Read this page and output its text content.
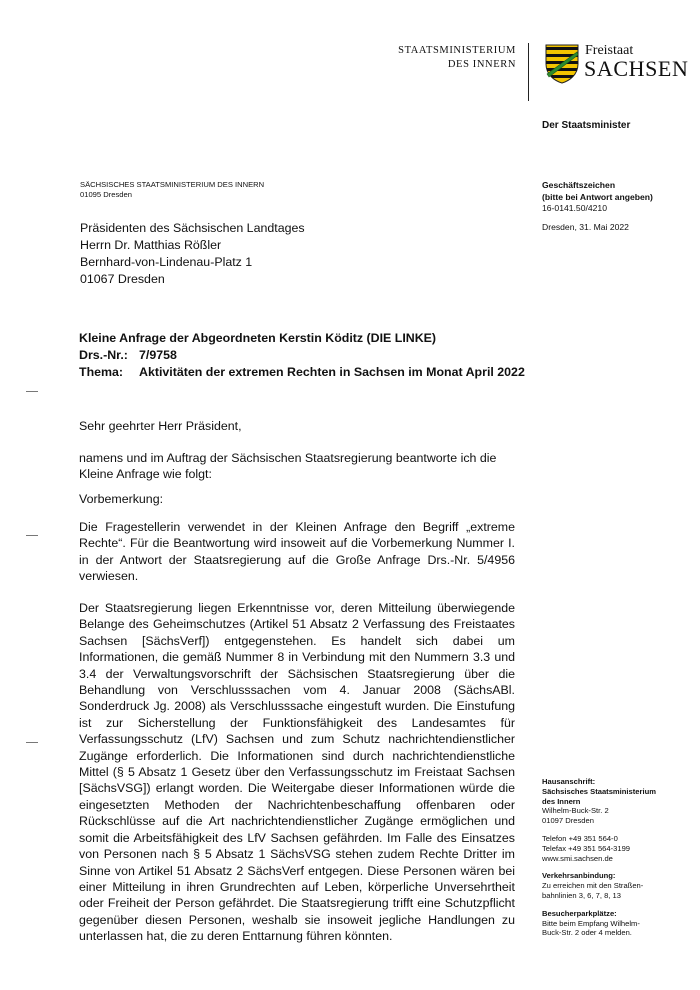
STAATSMINISTERIUM
DES INNERN
Freistaat
SACHSEN
Der Staatsminister
SÄCHSISCHES STAATSMINISTERIUM DES INNERN
01095 Dresden
Geschäftszeichen
(bitte bei Antwort angeben)
16-0141.50/4210
Dresden, 31. Mai 2022
Präsidenten des Sächsischen Landtages
Herrn Dr. Matthias Rößler
Bernhard-von-Lindenau-Platz 1
01067 Dresden
Kleine Anfrage der Abgeordneten Kerstin Köditz (DIE LINKE)
Drs.-Nr.: 7/9758
Thema:	Aktivitäten der extremen Rechten in Sachsen im Monat April 2022
Sehr geehrter Herr Präsident,
namens und im Auftrag der Sächsischen Staatsregierung beantworte ich die Kleine Anfrage wie folgt:
Vorbemerkung:
Die Fragestellerin verwendet in der Kleinen Anfrage den Begriff „extreme Rechte“. Für die Beantwortung wird insoweit auf die Vorbemerkung Nummer I. in der Antwort der Staatsregierung auf die Große Anfrage Drs.-Nr. 5/4956 verwiesen.
Der Staatsregierung liegen Erkenntnisse vor, deren Mitteilung überwiegende Belange des Geheimschutzes (Artikel 51 Absatz 2 Verfassung des Freistaates Sachsen [SächsVerf]) entgegenstehen. Es handelt sich dabei um Informationen, die gemäß Nummer 8 in Verbindung mit den Nummern 3.3 und 3.4 der Verwaltungsvorschrift der Sächsischen Staatsregierung über die Behandlung von Verschlusssachen vom 4. Januar 2008 (SächsABl. Sonderdruck Jg. 2008) als Verschlusssache eingestuft wurden. Die Einstufung ist zur Sicherstellung der Funktionsfähigkeit des Landesamtes für Verfassungsschutz (LfV) Sachsen und zum Schutz nachrichtendienstlicher Zugänge erforderlich. Die Informationen sind durch nachrichtendienstliche Mittel (§ 5 Absatz 1 Gesetz über den Verfassungsschutz im Freistaat Sachsen [SächsVSG]) erlangt worden. Die Weitergabe dieser Informationen würde die eingesetzten Methoden der Nachrichtenbeschaffung offenbaren oder Rückschlüsse auf die Art nachrichtendienstlicher Zugänge ermöglichen und somit die Arbeitsfähigkeit des LfV Sachsen gefährden. Im Falle des Einsatzes von Personen nach § 5 Absatz 1 SächsVSG stehen zudem Rechte Dritter im Sinne von Artikel 51 Absatz 2 SächsVerf entgegen. Diese Personen wären bei einer Mitteilung in ihren Grundrechten auf Leben, körperliche Unversehrtheit oder Freiheit der Person gefährdet. Die Staatsregierung trifft eine Schutzpflicht gegenüber diesen Personen, weshalb sie insoweit jegliche Handlungen zu unterlassen hat, die zu deren Enttarnung führen könnten.
Hausanschrift:
Sächsisches Staatsministerium
des Innern
Wilhelm-Buck-Str. 2
01097 Dresden
Telefon +49 351 564-0
Telefax +49 351 564-3199
www.smi.sachsen.de
Verkehrsanbindung:
Zu erreichen mit den Straßen-
bahnlinien 3, 6, 7, 8, 13
Besucherparkplätze:
Bitte beim Empfang Wilhelm-
Buck-Str. 2 oder 4 melden.
